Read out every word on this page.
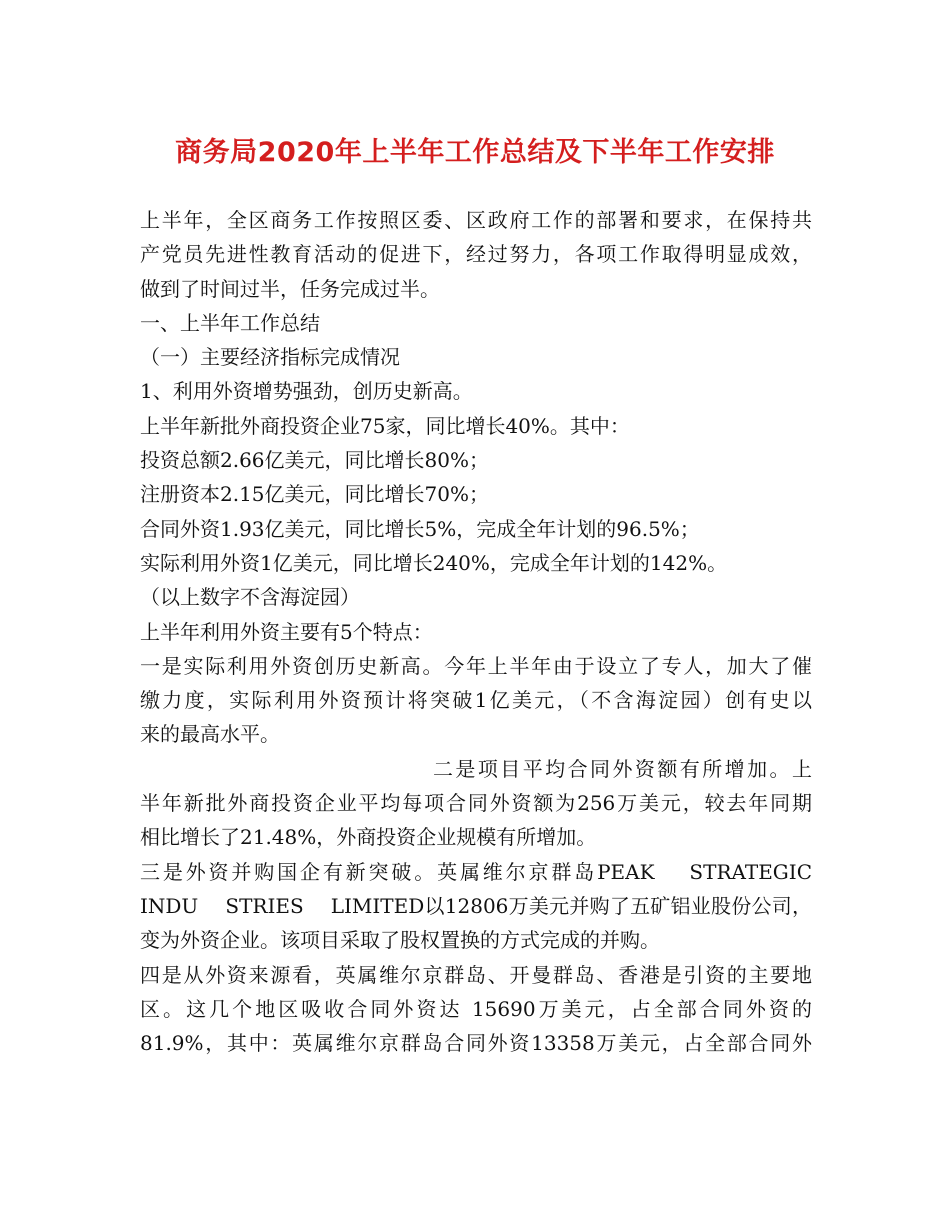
商务局2020年上半年工作总结及下半年工作安排
上半年，全区商务工作按照区委、区政府工作的部署和要求，在保持共
产党员先进性教育活动的促进下，经过努力，各项工作取得明显成效，
做到了时间过半，任务完成过半。
一、上半年工作总结
（一）主要经济指标完成情况
1、利用外资增势强劲，创历史新高。
上半年新批外商投资企业75家，同比增长40%。其中：
投资总额2.66亿美元，同比增长80%；
注册资本2.15亿美元，同比增长70%；
合同外资1.93亿美元，同比增长5%，完成全年计划的96.5%；
实际利用外资1亿美元，同比增长240%，完成全年计划的142%。
（以上数字不含海淀园）
上半年利用外资主要有5个特点：
一是实际利用外资创历史新高。今年上半年由于设立了专人，加大了催
缴力度，实际利用外资预计将突破1亿美元，（不含海淀园）创有史以
来的最高水平。
二是项目平均合同外资额有所增加。上
半年新批外商投资企业平均每项合同外资额为256万美元，较去年同期
相比增长了21.48%，外商投资企业规模有所增加。
三是外资并购国企有新突破。英属维尔京群岛PEAK　 STRATEGIC
INDU　 STRIES　 LIMITED以12806万美元并购了五矿铝业股份公司，
变为外资企业。该项目采取了股权置换的方式完成的并购。
四是从外资来源看，英属维尔京群岛、开曼群岛、香港是引资的主要地
区。这几个地区吸收合同外资达 15690万美元，占全部合同外资的
81.9%，其中：英属维尔京群岛合同外资13358万美元，占全部合同外
